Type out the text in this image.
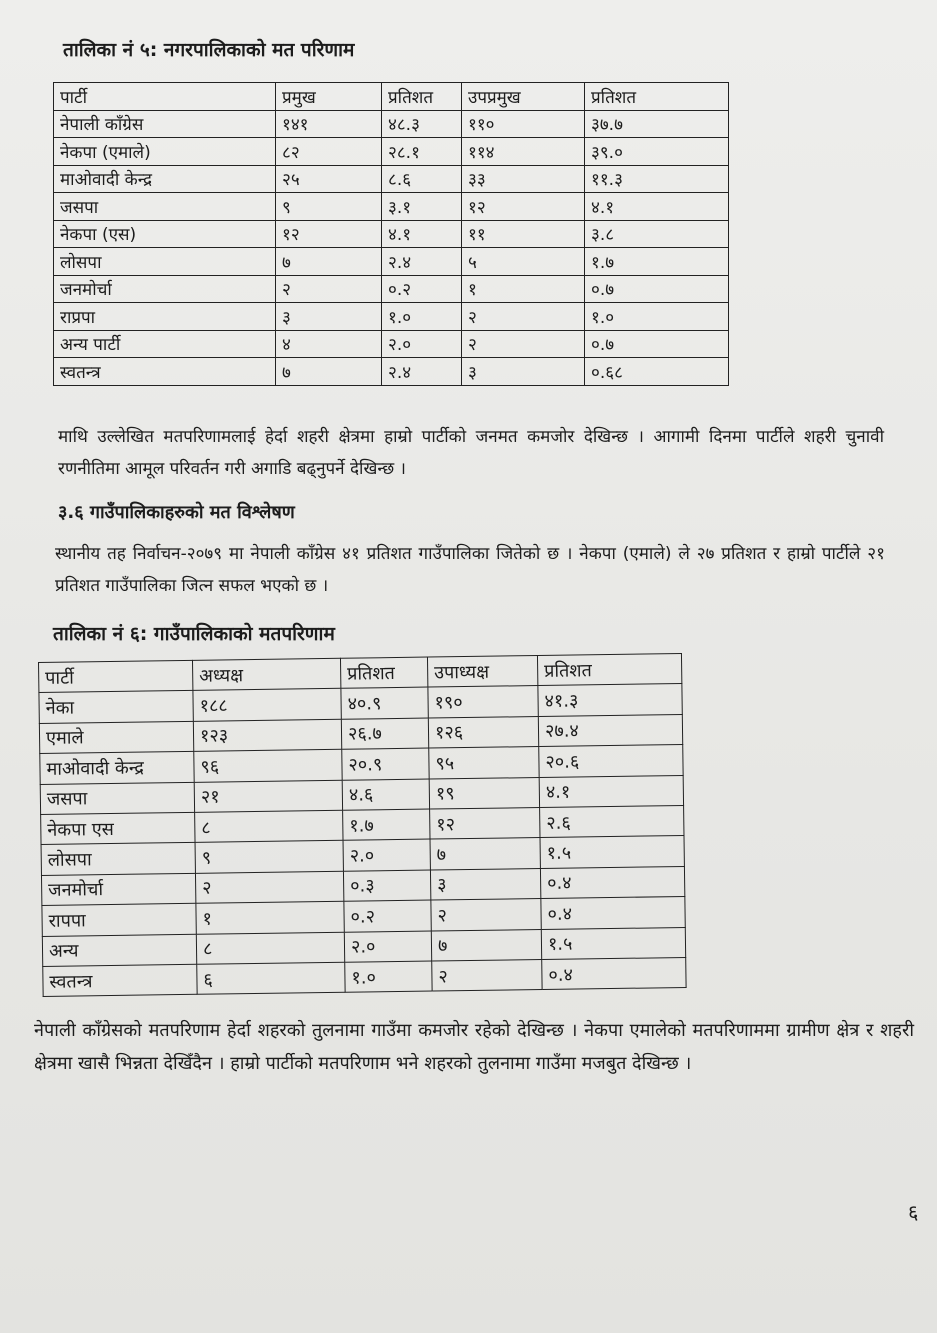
तालिका नं ५: नगरपालिकाको मत परिणाम
पार्टी	प्रमुख	प्रतिशत	उपप्रमुख	प्रतिशत
नेपाली काँग्रेस	१४१	४८.३	११०	३७.७
नेकपा (एमाले)	८२	२८.१	११४	३९.०
माओवादी केन्द्र	२५	८.६	३३	११.३
जसपा	९	३.१	१२	४.१
नेकपा (एस)	१२	४.१	११	३.८
लोसपा	७	२.४	५	१.७
जनमोर्चा	२	०.२	१	०.७
राप्रपा	३	१.०	२	१.०
अन्य पार्टी	४	२.०	२	०.७
स्वतन्त्र	७	२.४	३	०.६८
माथि उल्लेखित मतपरिणामलाई हेर्दा शहरी क्षेत्रमा हाम्रो पार्टीको जनमत कमजोर देखिन्छ । आगामी दिनमा पार्टीले शहरी चुनावी रणनीतिमा आमूल परिवर्तन गरी अगाडि बढ्नुपर्ने देखिन्छ ।
३.६ गाउँपालिकाहरुको मत विश्लेषण
स्थानीय तह निर्वाचन-२०७९ मा नेपाली काँग्रेस ४१ प्रतिशत गाउँपालिका जितेको छ । नेकपा (एमाले) ले २७ प्रतिशत र हाम्रो पार्टीले २१ प्रतिशत गाउँपालिका जित्न सफल भएको छ ।
तालिका नं ६: गाउँपालिकाको मतपरिणाम
पार्टी	अध्यक्ष	प्रतिशत	उपाध्यक्ष	प्रतिशत
नेका	१८८	४०.९	१९०	४१.३
एमाले	१२३	२६.७	१२६	२७.४
माओवादी केन्द्र	९६	२०.९	९५	२०.६
जसपा	२१	४.६	१९	४.१
नेकपा एस	८	१.७	१२	२.६
लोसपा	९	२.०	७	१.५
जनमोर्चा	२	०.३	३	०.४
रापपा	१	०.२	२	०.४
अन्य	८	२.०	७	१.५
स्वतन्त्र	६	१.०	२	०.४
नेपाली काँग्रेसको मतपरिणाम हेर्दा शहरको तुलनामा गाउँमा कमजोर रहेको देखिन्छ । नेकपा एमालेको मतपरिणाममा ग्रामीण क्षेत्र र शहरी क्षेत्रमा खासै भिन्नता देखिँदैन । हाम्रो पार्टीको मतपरिणाम भने शहरको तुलनामा गाउँमा मजबुत देखिन्छ ।
६
